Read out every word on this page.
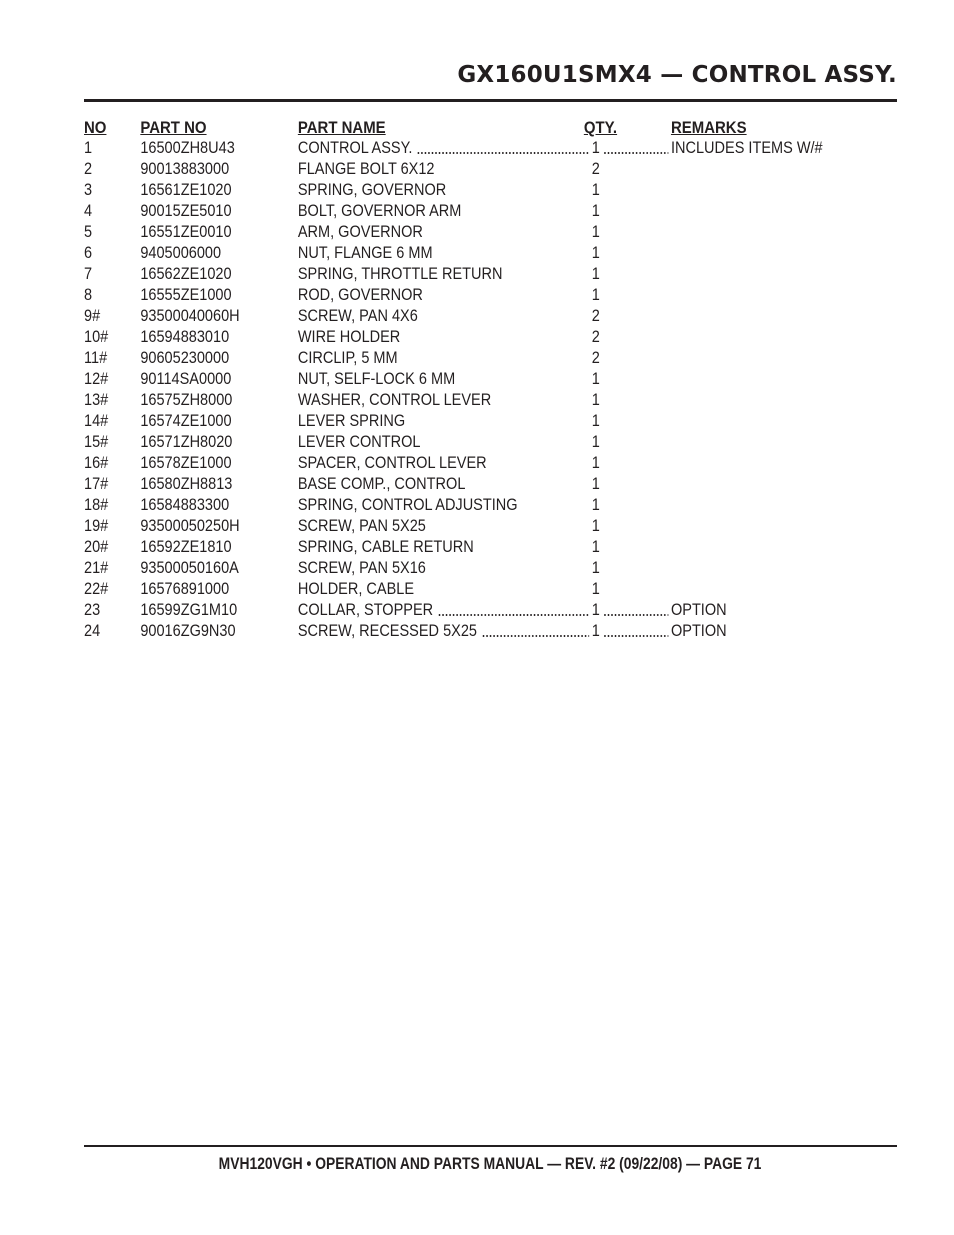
GX160U1SMX4 — CONTROL ASSY.
NO PART NO	PART NAME	QTY.	REMARKS
1	16500ZH8U43	CONTROL ASSY.	1	INCLUDES ITEMS W/#
2	90013883000	FLANGE BOLT 6X12	2
3	16561ZE1020	SPRING, GOVERNOR	1
4	90015ZE5010	BOLT, GOVERNOR ARM	1
5	16551ZE0010	ARM, GOVERNOR	1
6	9405006000	NUT, FLANGE 6 MM	1
7	16562ZE1020	SPRING, THROTTLE RETURN	1
8	16555ZE1000	ROD, GOVERNOR	1
9# 93500040060H	SCREW, PAN 4X6	2
10# 16594883010	WIRE HOLDER	2
11# 90605230000	CIRCLIP, 5 MM	2
12# 90114SA0000	NUT, SELF-LOCK 6 MM	1
13# 16575ZH8000	WASHER, CONTROL LEVER	1
14# 16574ZE1000	LEVER SPRING	1
15# 16571ZH8020	LEVER CONTROL	1
16# 16578ZE1000	SPACER, CONTROL LEVER	1
17# 16580ZH8813	BASE COMP., CONTROL	1
18# 16584883300	SPRING, CONTROL ADJUSTING	1
19# 93500050250H	SCREW, PAN 5X25	1
20# 16592ZE1810	SPRING, CABLE RETURN	1
21# 93500050160A	SCREW, PAN 5X16	1
22# 16576891000	HOLDER, CABLE	1
23 16599ZG1M10	COLLAR, STOPPER	1	OPTION
24 90016ZG9N30	SCREW, RECESSED 5X25	1	OPTION
MVH120VGH • OPERATION AND PARTS MANUAL — REV. #2 (09/22/08) — PAGE 71
